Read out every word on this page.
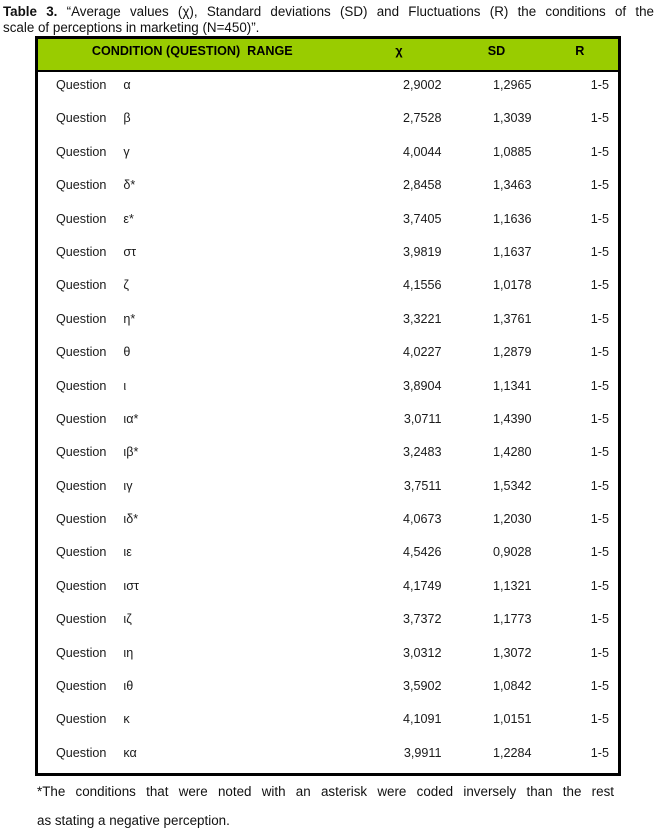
Table 3. “Average values (χ), Standard deviations (SD) and Fluctuations (R) the conditions of the
scale of perceptions in marketing (N=450)”.
CONDITION (QUESTION)  RANGE	χ	SD	R
Question α	2,9002	1,2965	1-5
Question β	2,7528	1,3039	1-5
Question γ	4,0044	1,0885	1-5
Question δ*	2,8458	1,3463	1-5
Question ε*	3,7405	1,1636	1-5
Question στ	3,9819	1,1637	1-5
Question ζ	4,1556	1,0178	1-5
Question η*	3,3221	1,3761	1-5
Question θ	4,0227	1,2879	1-5
Question ι	3,8904	1,1341	1-5
Question ια*	3,0711	1,4390	1-5
Question ιβ*	3,2483	1,4280	1-5
Question ιγ	3,7511	1,5342	1-5
Question ιδ*	4,0673	1,2030	1-5
Question ιε	4,5426	0,9028	1-5
Question ιστ	4,1749	1,1321	1-5
Question ιζ	3,7372	1,1773	1-5
Question ιη	3,0312	1,3072	1-5
Question ιθ	3,5902	1,0842	1-5
Question κ	4,1091	1,0151	1-5
Question κα	3,9911	1,2284	1-5
*The conditions that were noted with an asterisk were coded inversely than the rest
as stating a negative perception.
